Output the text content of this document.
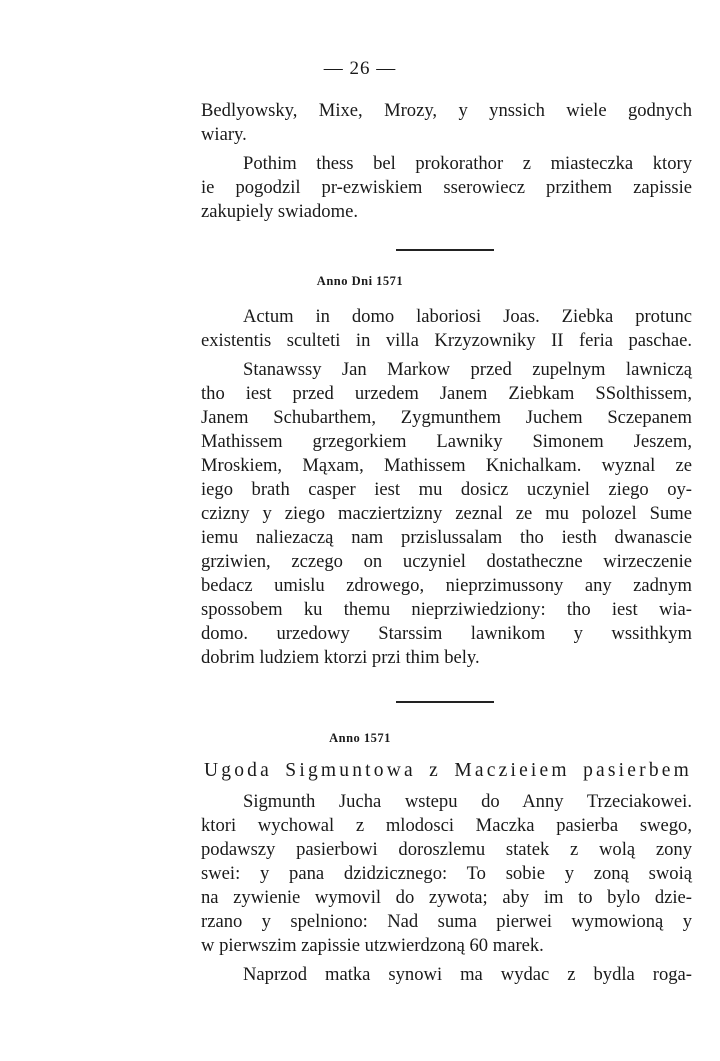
— 26 —
Bedlyowsky, Mixe, Mrozy, y ynssich wiele godnych
wiary.
Pothim thess bel prokorathor z miasteczka ktory
ie pogodzil pr-ezwiskiem sserowiecz przithem zapissie
zakupiely swiadome.
Anno Dni 1571
Actum in domo laboriosi Joas. Ziebka protunc
existentis sculteti in villa Krzyzowniky II feria paschae.
Stanawssy Jan Markow przed zupelnym lawniczą
tho iest przed urzedem Janem Ziebkam SSolthissem,
Janem Schubarthem, Zygmunthem Juchem Sczepanem
Mathissem grzegorkiem Lawniky Simonem Jeszem,
Mroskiem, Mąxam, Mathissem Knichalkam. wyznal ze
iego brath casper iest mu dosicz uczyniel ziego oy-
czizny y ziego macziertzizny zeznal ze mu polozel Sume
iemu naliezaczą nam przislussalam tho iesth dwanascie
grziwien, zczego on uczyniel dostatheczne wirzeczenie
bedacz umislu zdrowego, nieprzimussony any zadnym
spossobem ku themu nieprziwiedziony: tho iest wia-
domo. urzedowy Starssim lawnikom y wssithkym
dobrim ludziem ktorzi przi thim bely.
Anno 1571
Ugoda Sigmuntowa z Maczieiem pasierbem
Sigmunth Jucha wstepu do Anny Trzeciakowei.
ktori wychowal z mlodosci Maczka pasierba swego,
podawszy pasierbowi doroszlemu statek z wolą zony
swei: y pana dzidzicznego: To sobie y zoną swoią
na zywienie wymovil do zywota; aby im to bylo dzie-
rzano y spelniono: Nad suma pierwei wymowioną y
w pierwszim zapissie utzwierdzoną 60 marek.
Naprzod matka synowi ma wydac z bydla roga-
